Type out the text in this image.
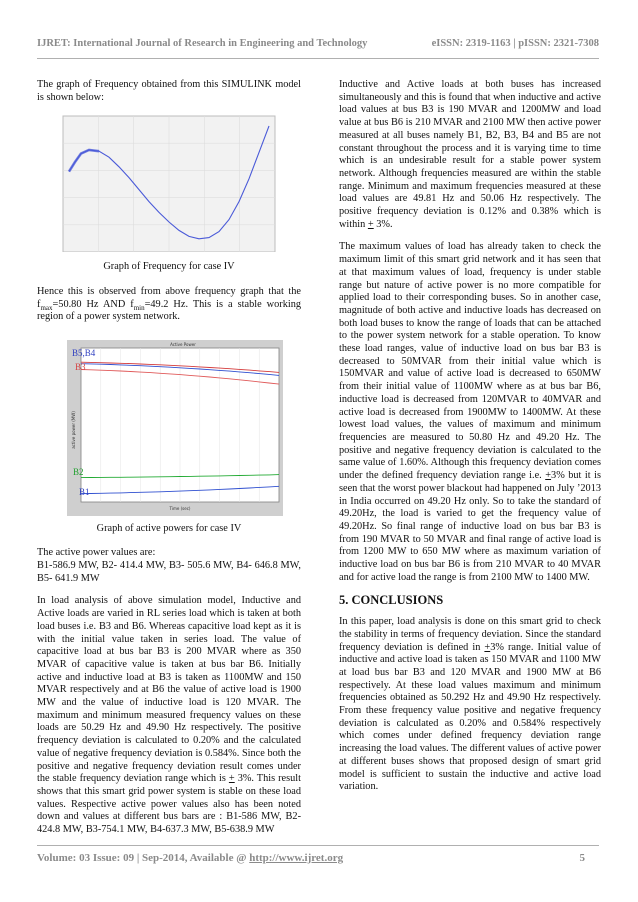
IJRET: International Journal of Research in Engineering and Technology	eISSN: 2319-1163 | pISSN: 2321-7308

The graph of Frequency obtained from this SIMULINK model is shown below:

Graph of Frequency for case IV

Hence this is observed from above frequency graph that the $f_{max}=50.80$ Hz AND $f_{min}=49.2$ Hz. This is a stable working region of a power system network.

Active Power
active power (MW)
Time (sec)
B5,B4
B3
B2
B1
Graph of active powers for case IV

The active power values are:

B1-586.9 MW, B2- 414.4 MW, B3- 505.6 MW, B4- 646.8 MW, B5- 641.9 MW

In load analysis of above simulation model, Inductive and Active loads are varied in RL series load which is taken at both load buses i.e. B3 and B6. Whereas capacitive load kept as it is with the initial value taken in series load. The value of capacitive load at bus bar B3 is 200 MVAR where as 350 MVAR of capacitive value is taken at bus bar B6. Initially active and inductive load at B3 is taken as 1100MW and 150 MVAR respectively and at B6 the value of active load is 1900 MW and the value of inductive load is 120 MVAR. The maximum and minimum measured frequency values on these loads are 50.29 Hz and 49.90 Hz respectively. The positive frequency deviation is calculated to 0.20% and the calculated value of negative frequency deviation is 0.584%. Since both the positive and negative frequency deviation result comes under the stable frequency deviation range which is + 3%. This result shows that this smart grid power system is stable on these load values. Respective active power values also has been noted down and values at different bus bars are : B1-586 MW, B2-424.8 MW, B3-754.1 MW, B4-637.3 MW, B5-638.9 MW

Inductive and Active loads at both buses has increased simultaneously and this is found that when inductive and active load values at bus B3 is 190 MVAR and 1200MW and load value at bus B6 is 210 MVAR and 2100 MW then active power measured at all buses namely B1, B2, B3, B4 and B5 are not constant throughout the process and it is varying time to time which is an undesirable result for a stable power system network. Although frequencies measured are within the stable range. Minimum and maximum frequencies measured at these load values are 49.81 Hz and 50.06 Hz respectively. The positive frequency deviation is 0.12% and 0.38% which is within + 3%.

The maximum values of load has already taken to check the maximum limit of this smart grid network and it has seen that at that maximum values of load, frequency is under stable range but nature of active power is no more compatible for applied load to their corresponding buses. So in another case, magnitude of both active and inductive loads has decreased on both load buses to know the range of loads that can be attached to the power system network for a stable operation. To know these load ranges, value of inductive load on bus bar B3 is decreased to 50MVAR from their initial value which is 150MVAR and value of active load is decreased to 650MW from their initial value of 1100MW where as at bus bar B6, inductive load is decreased from 120MVAR to 40MVAR and active load is decreased from 1900MW to 1400MW. At these lowest load values, the values of maximum and minimum frequencies are measured to 50.80 Hz and 49.20 Hz. The positive and negative frequency deviation is calculated to the same value of 1.60%. Although this frequency deviation comes under the defined frequency deviation range i.e. +3% but it is seen that the worst power blackout had happened on July ’2013 in India occurred on 49.20 Hz only. So to take the standard of 49.20Hz, the load is varied to get the frequency value of 49.20Hz. So final range of inductive load on bus bar B3 is from 190 MVAR to 50 MVAR and final range of active load is from 1200 MW to 650 MW where as maximum variation of inductive load on bus bar B6 is from 210 MVAR to 40 MVAR and for active load the range is from 2100 MW to 1400 MW.

5. CONCLUSIONS

In this paper, load analysis is done on this smart grid to check the stability in terms of frequency deviation. Since the standard frequency deviation is defined in +3% range. Initial value of inductive and active load is taken as 150 MVAR and 1100 MW at load bus bar B3 and 120 MVAR and 1900 MW at B6 respectively. At these load values maximum and minimum frequencies obtained as 50.292 Hz and 49.90 Hz respectively. From these frequency value positive and negative frequency deviation is calculated as 0.20% and 0.584% respectively which comes under defined frequency deviation range increasing the load values. The different values of active power at different buses shows that proposed design of smart grid model is sufficient to sustain the inductive and active load variation.

Volume: 03 Issue: 09 | Sep-2014, Available @ http://www.ijret.org	5
